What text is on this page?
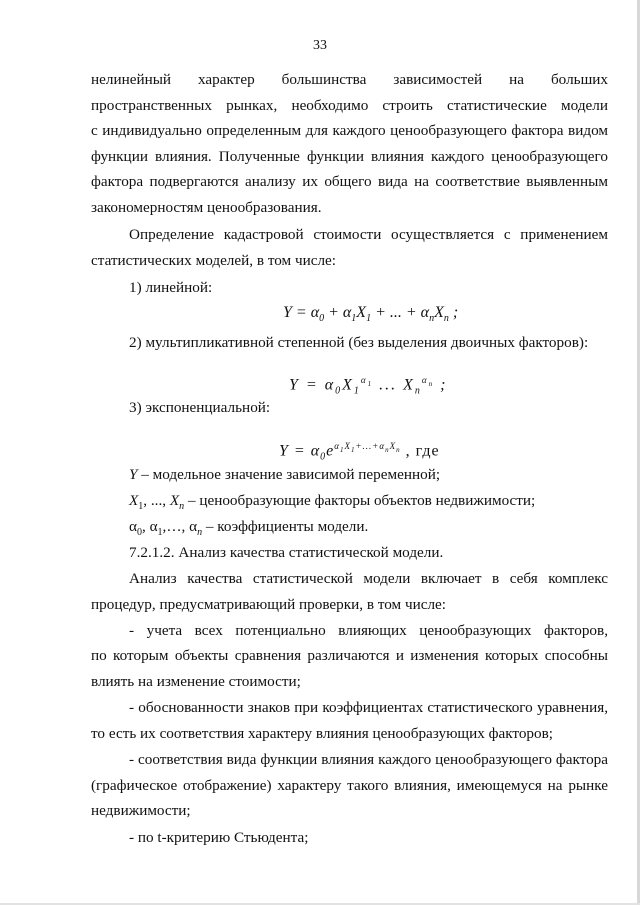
33
нелинейный характер большинства зависимостей на больших
пространственных рынках, необходимо строить статистические модели
с индивидуально определенным для каждого ценообразующего фактора видом
функции влияния. Полученные функции влияния каждого ценообразующего
фактора подвергаются анализу их общего вида на соответствие выявленным
закономерностям ценообразования.
Определение кадастровой стоимости осуществляется с применением
статистических моделей, в том числе:
1) линейной:
$Y = \alpha_0 + \alpha_1X_1$ + ... + $\alpha_nX_n$ ;
2) мультипликативной степенной (без выделения двоичных факторов):
$Y = \alpha_0X_1^{\alpha_1}$ ... $X_n^{\alpha_n}$ ;
3) экспоненциальной:
$Y = \alpha_0e^{\alpha_1X_1+...+\alpha_nX_n}$ , где
Y – модельное значение зависимой переменной;
$X_1$, ..., $X_n$ – ценообразующие факторы объектов недвижимости;
$\alpha_0$, $\alpha_1,\dots$, $\alpha_n$ – коэффициенты модели.
7.2.1.2. Анализ качества статистической модели.
Анализ качества статистической модели включает в себя комплекс
процедур, предусматривающий проверки, в том числе:
- учета всех потенциально влияющих ценообразующих факторов,
по которым объекты сравнения различаются и изменения которых способны
влиять на изменение стоимости;
- обоснованности знаков при коэффициентах статистического уравнения,
то есть их соответствия характеру влияния ценообразующих факторов;
- соответствия вида функции влияния каждого ценообразующего фактора
(графическое отображение) характеру такого влияния, имеющемуся на рынке
недвижимости;
- по t-критерию Стьюдента;
